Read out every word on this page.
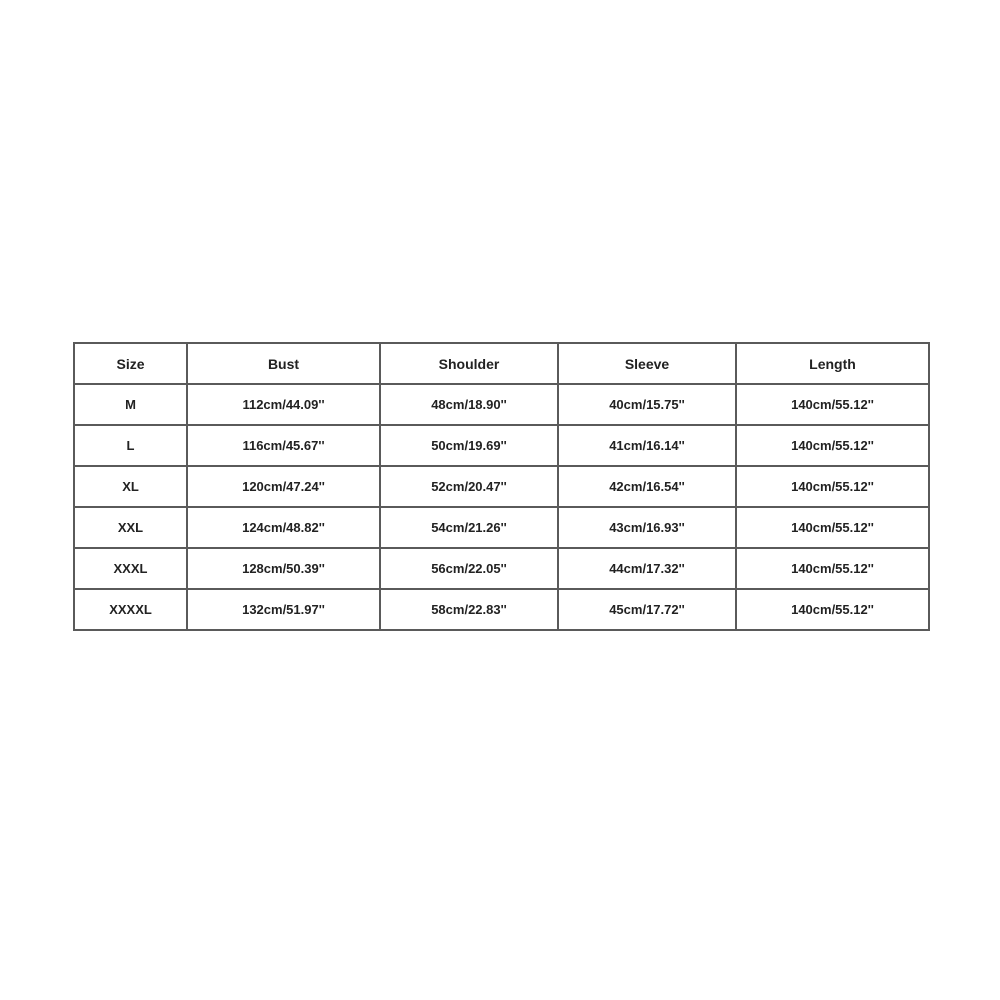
Size	Bust	Shoulder	Sleeve	Length
M	112cm/44.09''	48cm/18.90''	40cm/15.75''	140cm/55.12''
L	116cm/45.67''	50cm/19.69''	41cm/16.14''	140cm/55.12''
XL	120cm/47.24''	52cm/20.47''	42cm/16.54''	140cm/55.12''
XXL	124cm/48.82''	54cm/21.26''	43cm/16.93''	140cm/55.12''
XXXL	128cm/50.39''	56cm/22.05''	44cm/17.32''	140cm/55.12''
XXXXL	132cm/51.97''	58cm/22.83''	45cm/17.72''	140cm/55.12''
